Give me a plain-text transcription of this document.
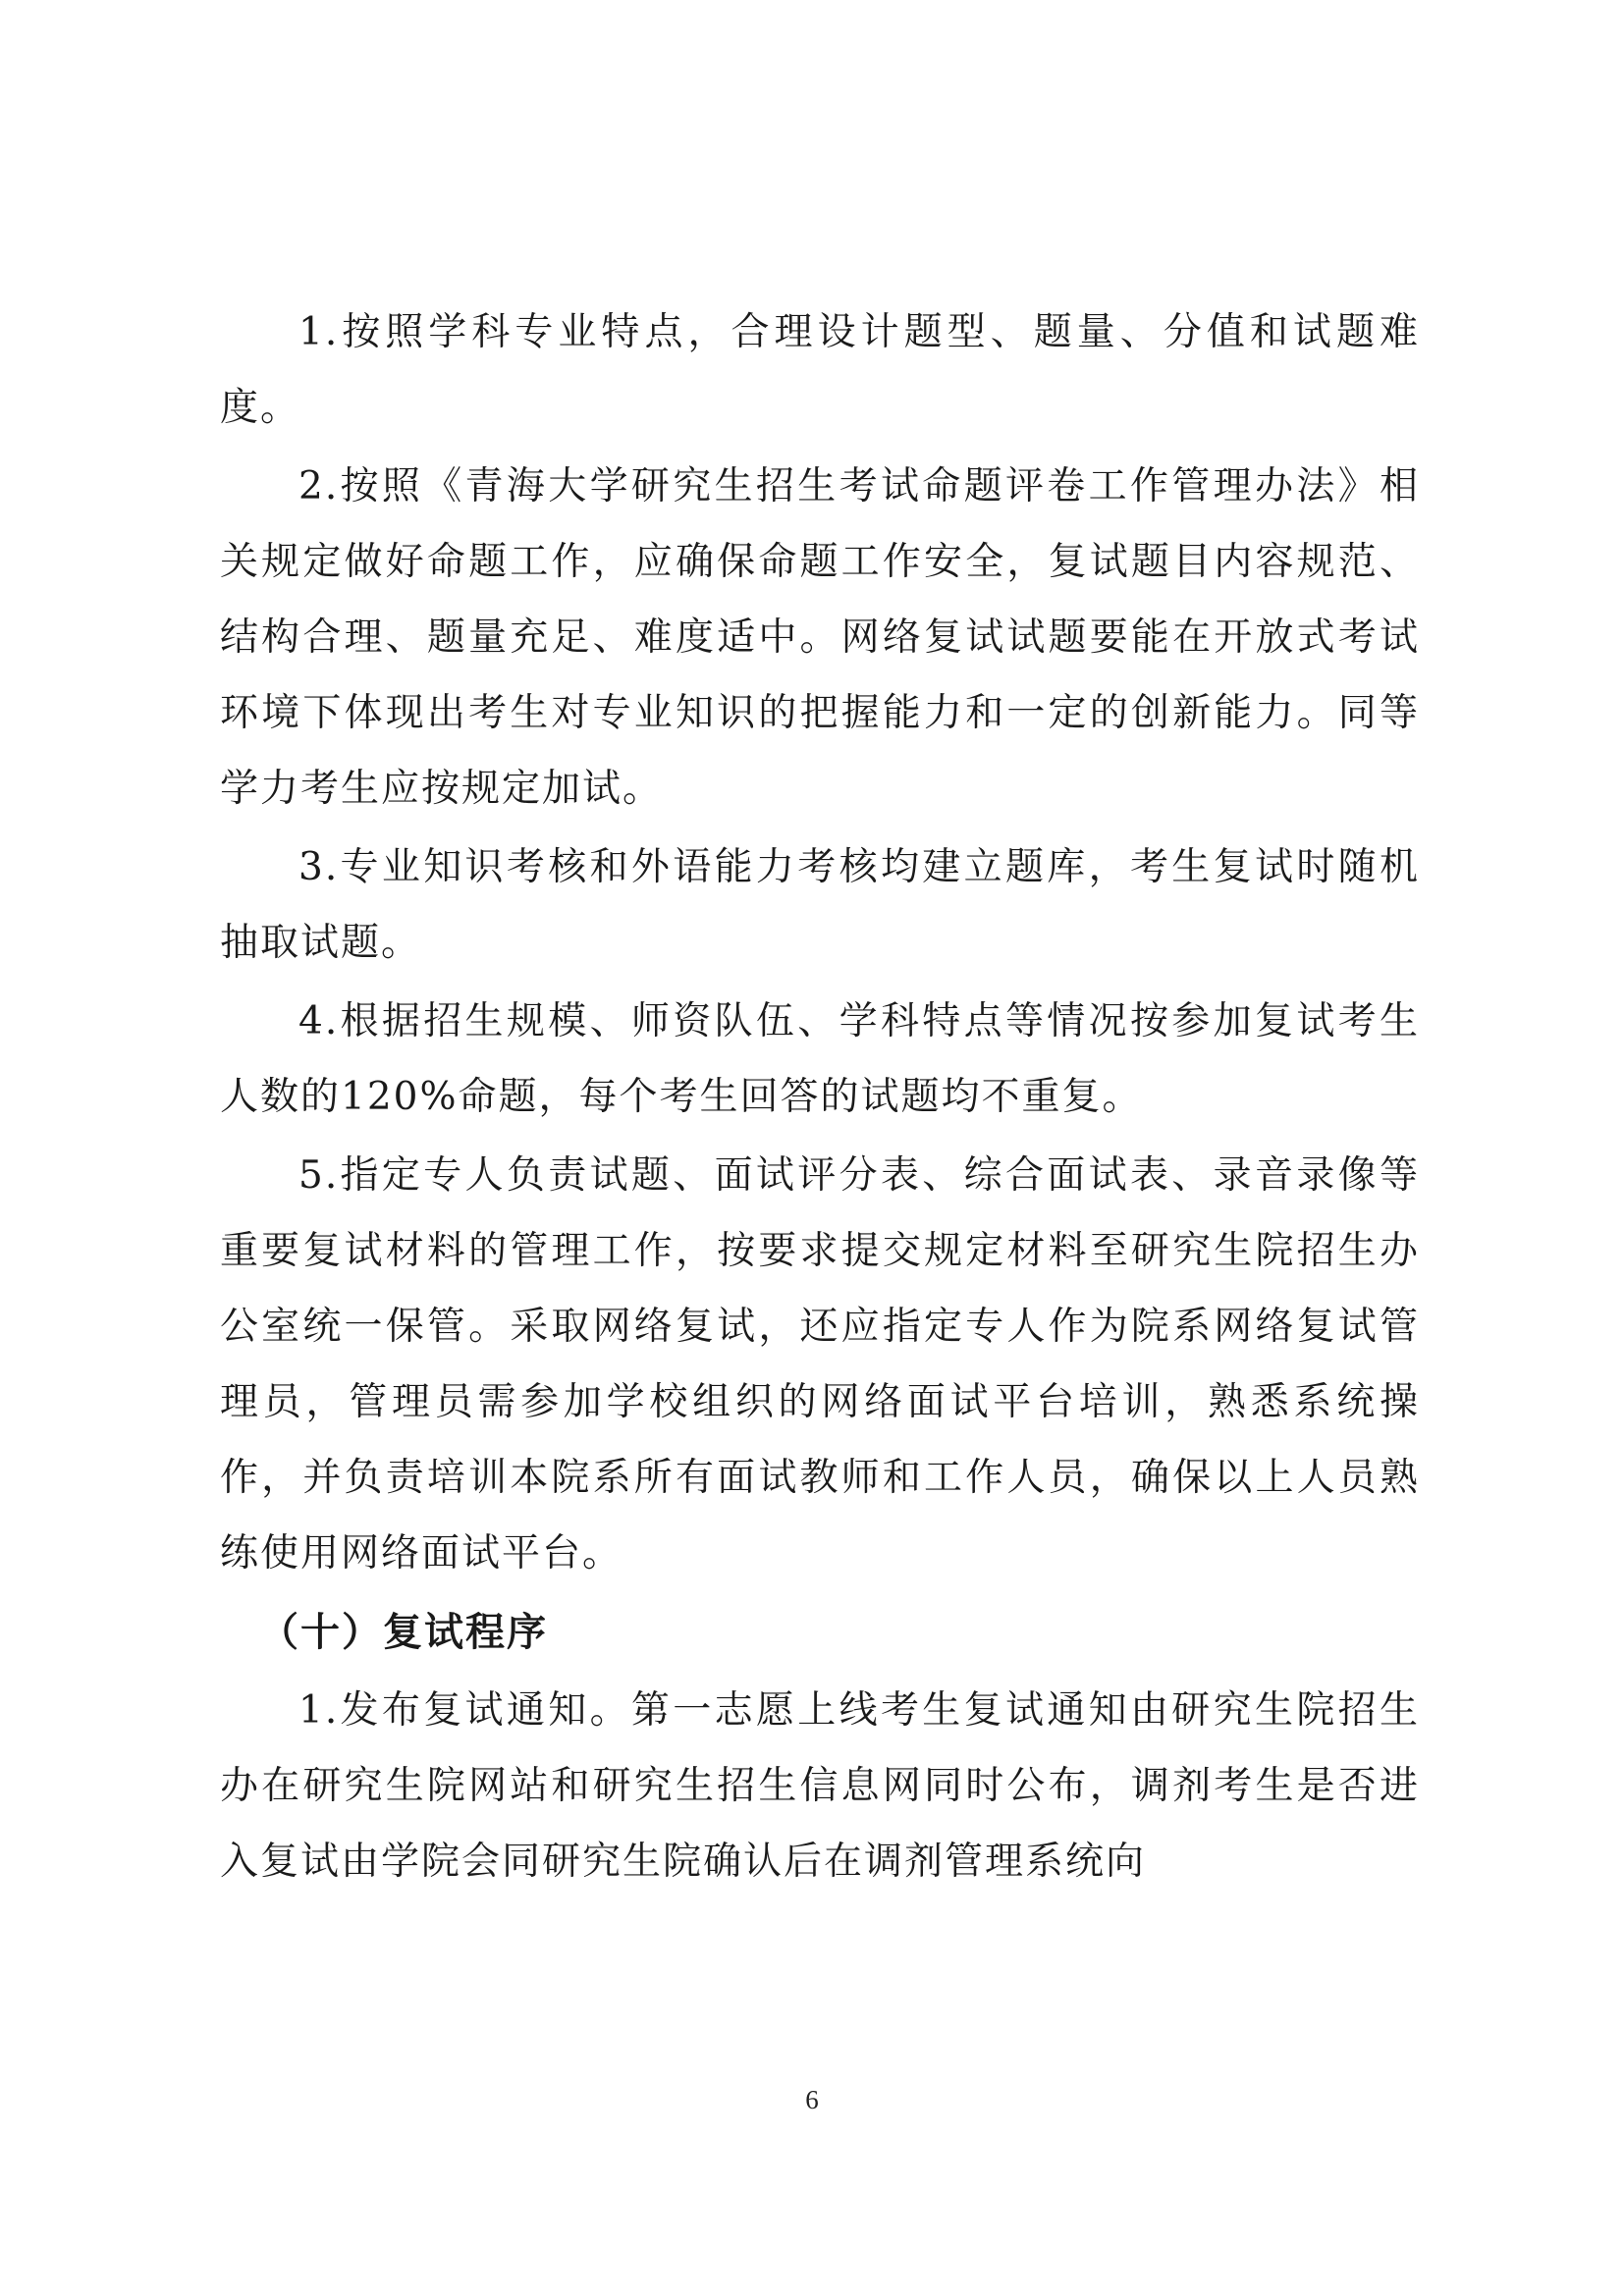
1.按照学科专业特点，合理设计题型、题量、分值和试题难度。

2.按照《青海大学研究生招生考试命题评卷工作管理办法》相关规定做好命题工作，应确保命题工作安全，复试题目内容规范、结构合理、题量充足、难度适中。网络复试试题要能在开放式考试环境下体现出考生对专业知识的把握能力和一定的创新能力。同等学力考生应按规定加试。

3.专业知识考核和外语能力考核均建立题库，考生复试时随机抽取试题。

4.根据招生规模、师资队伍、学科特点等情况按参加复试考生人数的120%命题，每个考生回答的试题均不重复。

5.指定专人负责试题、面试评分表、综合面试表、录音录像等重要复试材料的管理工作，按要求提交规定材料至研究生院招生办公室统一保管。采取网络复试，还应指定专人作为院系网络复试管理员，管理员需参加学校组织的网络面试平台培训，熟悉系统操作，并负责培训本院系所有面试教师和工作人员，确保以上人员熟练使用网络面试平台。

（十）复试程序

1.发布复试通知。第一志愿上线考生复试通知由研究生院招生办在研究生院网站和研究生招生信息网同时公布，调剂考生是否进入复试由学院会同研究生院确认后在调剂管理系统向

6
